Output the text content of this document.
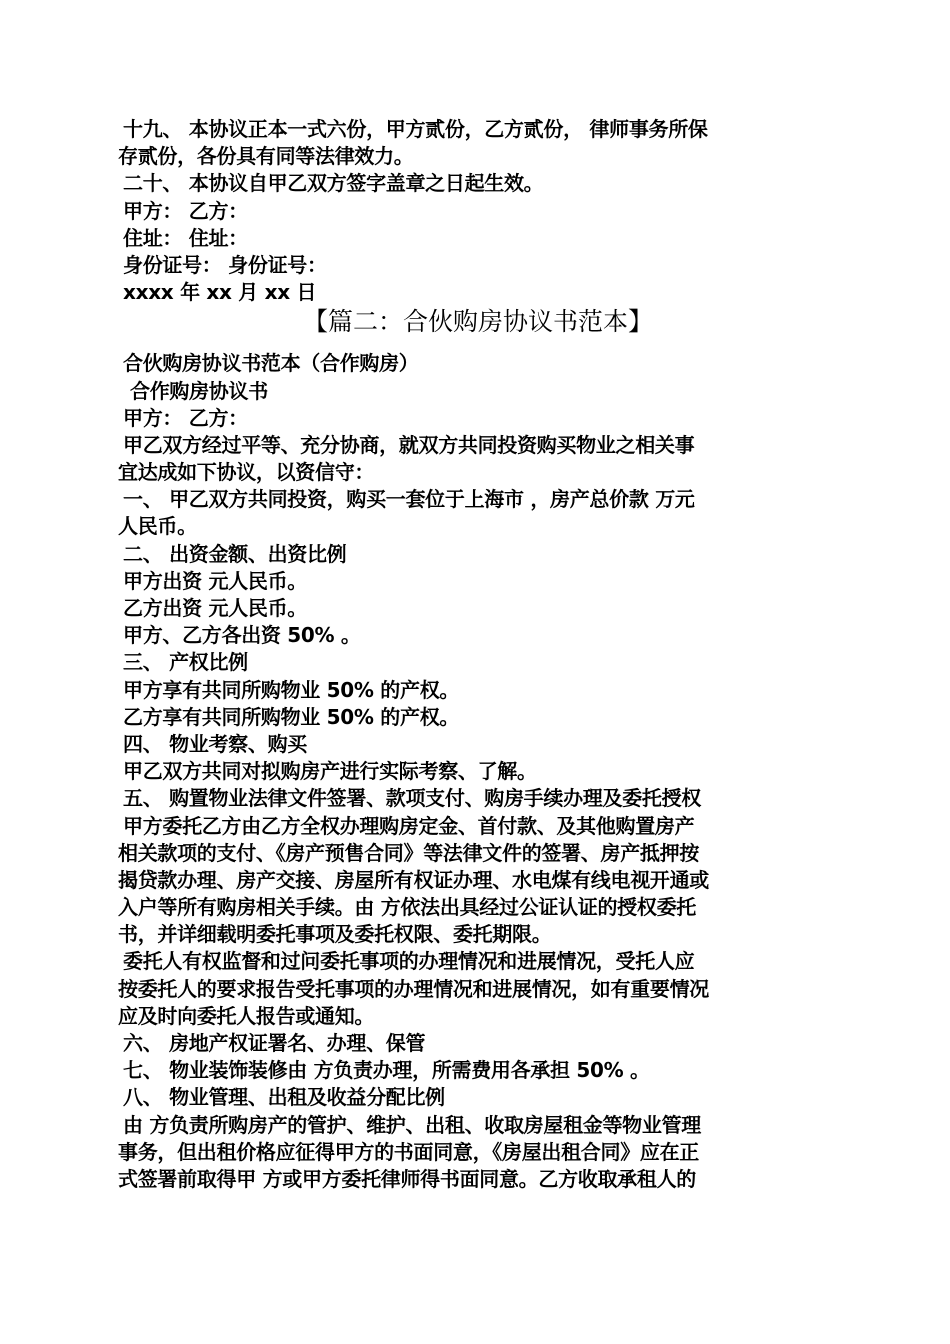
十九、 本协议正本一式六份，甲方贰份，乙方贰份， 律师事务所保
存贰份，各份具有同等法律效力。
二十、 本协议自甲乙双方签字盖章之日起生效。
甲方： 乙方：
住址： 住址：
身份证号： 身份证号：
xxxx 年 xx 月 xx 日
【篇二：合伙购房协议书范本】
合伙购房协议书范本（合作购房）
合作购房协议书
甲方： 乙方：
甲乙双方经过平等、充分协商，就双方共同投资购买物业之相关事
宜达成如下协议，以资信守：
一、 甲乙双方共同投资，购买一套位于上海市 ，房产总价款 万元
人民币。
二、 出资金额、出资比例
甲方出资 元人民币。
乙方出资 元人民币。
甲方、乙方各出资 50% 。
三、 产权比例
甲方享有共同所购物业 50% 的产权。
乙方享有共同所购物业 50% 的产权。
四、 物业考察、购买
甲乙双方共同对拟购房产进行实际考察、了解。
五、 购置物业法律文件签署、款项支付、购房手续办理及委托授权
甲方委托乙方由乙方全权办理购房定金、首付款、及其他购置房产
相关款项的支付、《房产预售合同》等法律文件的签署、房产抵押按
揭贷款办理、房产交接、房屋所有权证办理、水电煤有线电视开通或
入户等所有购房相关手续。由 方依法出具经过公证认证的授权委托
书，并详细载明委托事项及委托权限、委托期限。
委托人有权监督和过问委托事项的办理情况和进展情况，受托人应
按委托人的要求报告受托事项的办理情况和进展情况，如有重要情况
应及时向委托人报告或通知。
六、 房地产权证署名、办理、保管
七、 物业装饰装修由 方负责办理，所需费用各承担 50% 。
八、 物业管理、出租及收益分配比例
由 方负责所购房产的管护、维护、出租、收取房屋租金等物业管理
事务，但出租价格应征得甲方的书面同意，《房屋出租合同》应在正
式签署前取得甲 方或甲方委托律师得书面同意。乙方收取承租人的
